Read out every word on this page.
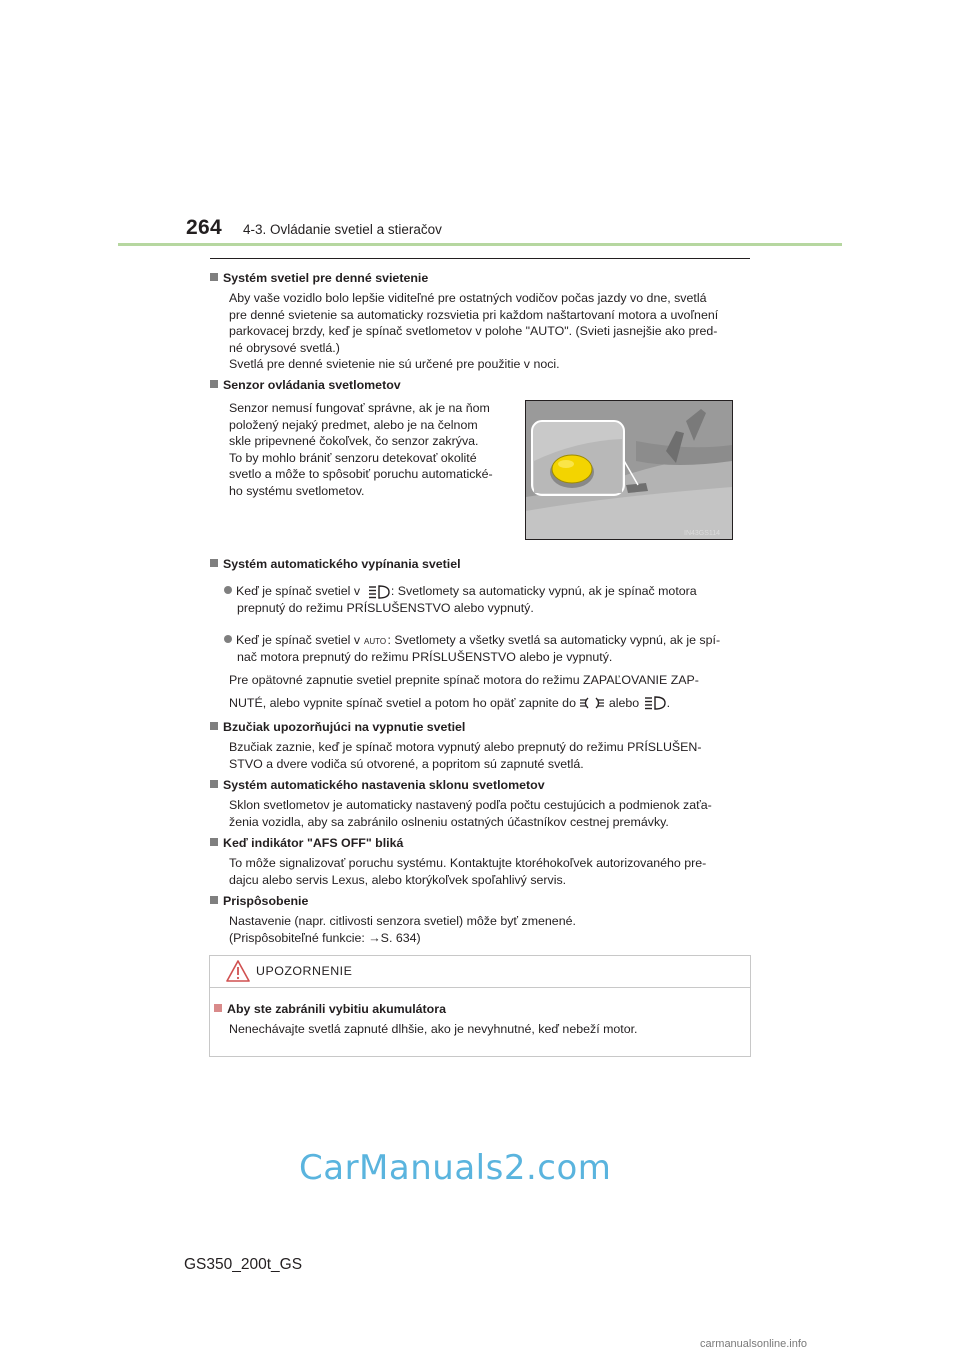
264 4-3. Ovládanie svetiel a stieračov
Systém svetiel pre denné svietenie

Aby vaše vozidlo bolo lepšie viditeľné pre ostatných vodičov počas jazdy vo dne, svetlá

pre denné svietenie sa automaticky rozsvietia pri každom naštartovaní motora a uvoľnení

parkovacej brzdy, keď je spínač svetlometov v polohe "AUTO". (Svieti jasnejšie ako pred-

né obrysové svetlá.)

Svetlá pre denné svietenie nie sú určené pre použitie v noci.

Senzor ovládania svetlometov

Senzor nemusí fungovať správne, ak je na ňom

položený nejaký predmet, alebo je na čelnom

skle pripevnené čokoľvek, čo senzor zakrýva.

To by mohlo brániť senzoru detekovať okolité

svetlo a môže to spôsobiť poruchu automatické-

ho systému svetlometov.

IN43GS114
Systém automatického vypínania svetiel
Keď je spínač svetiel v : Svetlomety sa automaticky vypnú, ak je spínač motora
prepnutý do režimu PRÍSLUŠENSTVO alebo vypnutý.
Keď je spínač svetiel v AUTO : Svetlomety a všetky svetlá sa automaticky vypnú, ak je spí-
nač motora prepnutý do režimu PRÍSLUŠENSTVO alebo je vypnutý.
Pre opätovné zapnutie svetiel prepnite spínač motora do režimu ZAPAĽOVANIE ZAP-
NUTÉ, alebo vypnite spínač svetiel a potom ho opäť zapnite do	alebo .
Bzučiak upozorňujúci na vypnutie svetiel

Bzučiak zaznie, keď je spínač motora vypnutý alebo prepnutý do režimu PRÍSLUŠEN-

STVO a dvere vodiča sú otvorené, a popritom sú zapnuté svetlá.

Systém automatického nastavenia sklonu svetlometov

Sklon svetlometov je automaticky nastavený podľa počtu cestujúcich a podmienok zaťa-

ženia vozidla, aby sa zabránilo oslneniu ostatných účastníkov cestnej premávky.

Keď indikátor "AFS OFF" bliká

To môže signalizovať poruchu systému. Kontaktujte ktoréhokoľvek autorizovaného pre-

dajcu alebo servis Lexus, alebo ktorýkoľvek spoľahlivý servis.

Prispôsobenie

Nastavenie (napr. citlivosti senzora svetiel) môže byť zmenené.

(Prispôsobiteľné funkcie: →S. 634)

UPOZORNENIE
Aby ste zabránili vybitiu akumulátora
Nenechávajte svetlá zapnuté dlhšie, ako je nevyhnutné, keď nebeží motor.
CarManuals2.com
GS350_200t_GS
carmanualsonline.info
